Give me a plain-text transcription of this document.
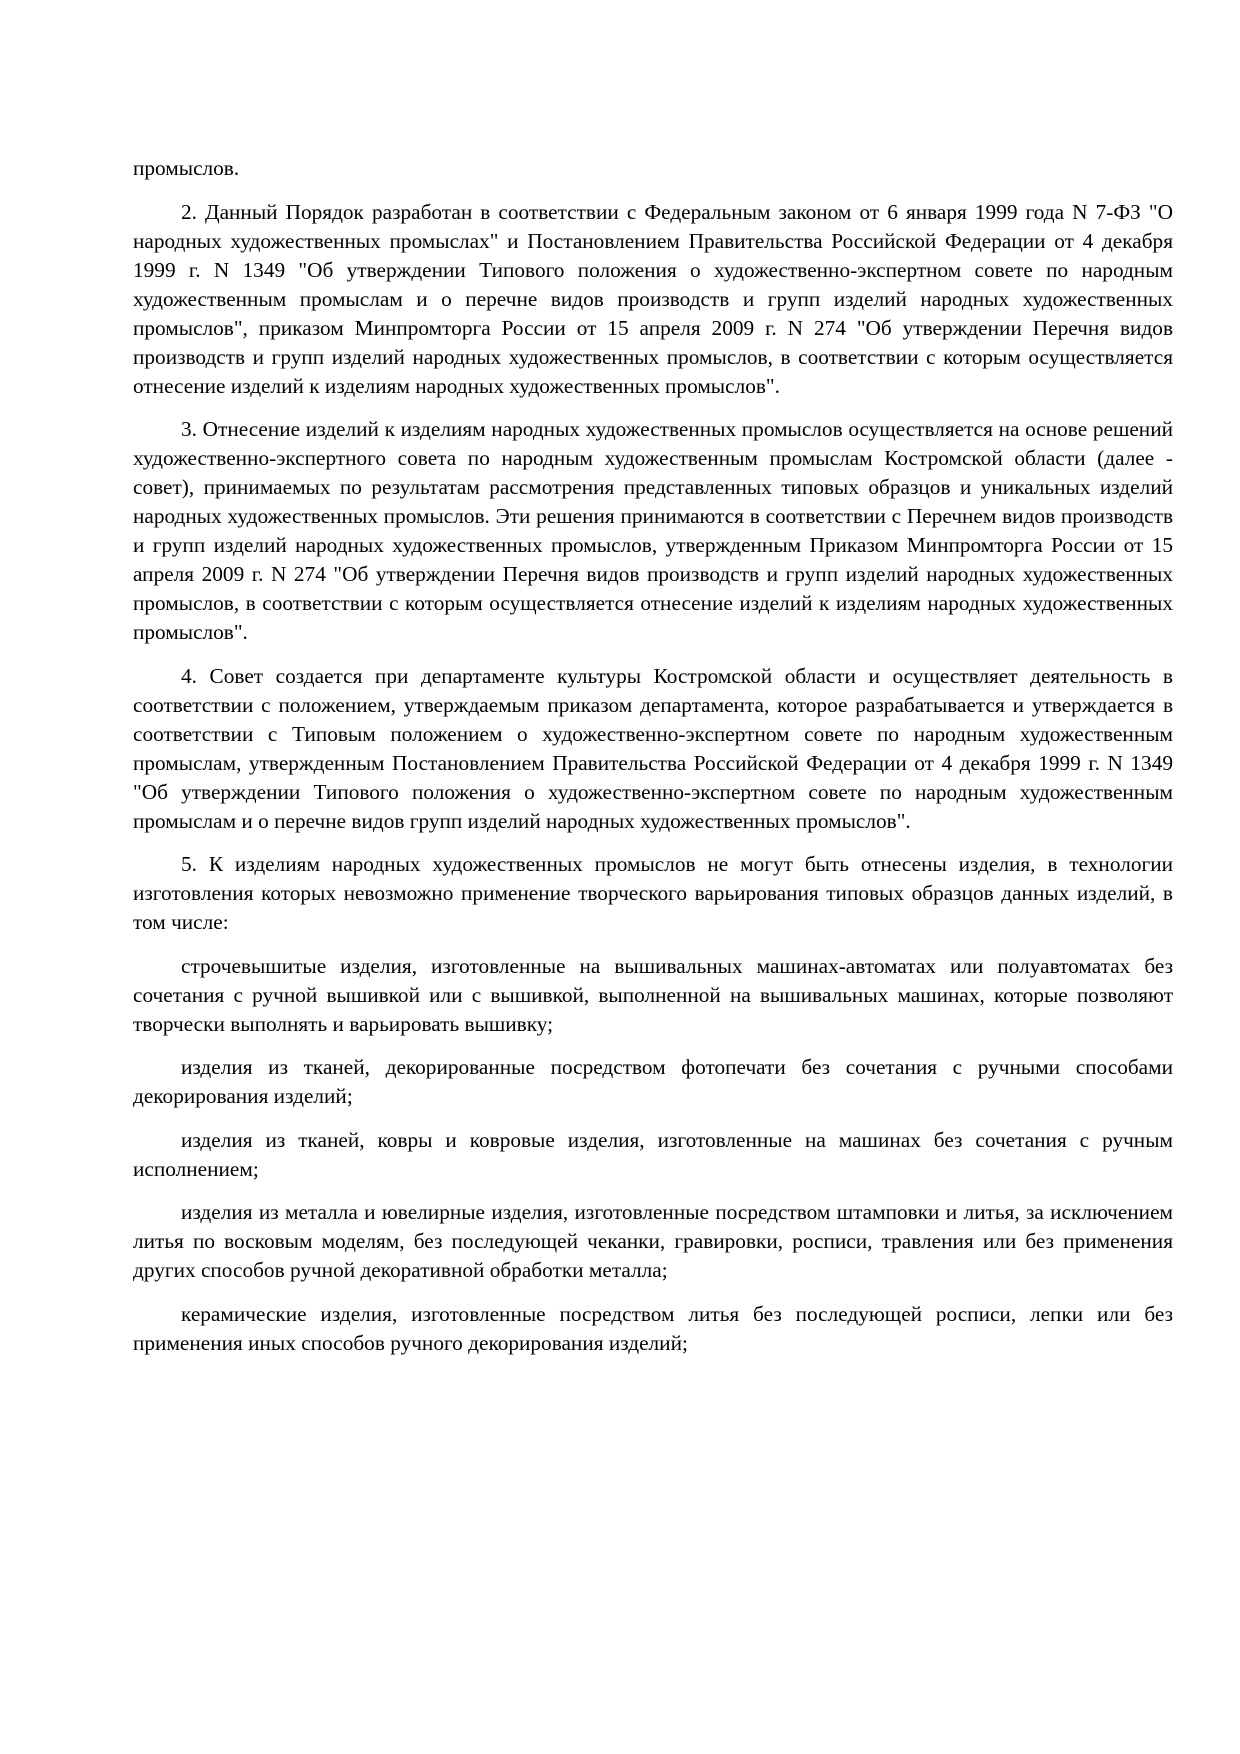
промыслов.

2. Данный Порядок разработан в соответствии с Федеральным законом от 6 января 1999 года N 7-ФЗ "О народных художественных промыслах" и Постановлением Правительства Российской Федерации от 4 декабря 1999 г. N 1349 "Об утверждении Типового положения о художественно-экспертном совете по народным художественным промыслам и о перечне видов производств и групп изделий народных художественных промыслов", приказом Минпромторга России от 15 апреля 2009 г. N 274 "Об утверждении Перечня видов производств и групп изделий народных художественных промыслов, в соответствии с которым осуществляется отнесение изделий к изделиям народных художественных промыслов".

3. Отнесение изделий к изделиям народных художественных промыслов осуществляется на основе решений художественно-экспертного совета по народным художественным промыслам Костромской области (далее - совет), принимаемых по результатам рассмотрения представленных типовых образцов и уникальных изделий народных художественных промыслов. Эти решения принимаются в соответствии с Перечнем видов производств и групп изделий народных художественных промыслов, утвержденным Приказом Минпромторга России от 15 апреля 2009 г. N 274 "Об утверждении Перечня видов производств и групп изделий народных художественных промыслов, в соответствии с которым осуществляется отнесение изделий к изделиям народных художественных промыслов".

4. Совет создается при департаменте культуры Костромской области и осуществляет деятельность в соответствии с положением, утверждаемым приказом департамента, которое разрабатывается и утверждается в соответствии с Типовым положением о художественно-экспертном совете по народным художественным промыслам, утвержденным Постановлением Правительства Российской Федерации от 4 декабря 1999 г. N 1349 "Об утверждении Типового положения о художественно-экспертном совете по народным художественным промыслам и о перечне видов групп изделий народных художественных промыслов".

5. К изделиям народных художественных промыслов не могут быть отнесены изделия, в технологии изготовления которых невозможно применение творческого варьирования типовых образцов данных изделий, в том числе:

строчевышитые изделия, изготовленные на вышивальных машинах-автоматах или полуавтоматах без сочетания с ручной вышивкой или с вышивкой, выполненной на вышивальных машинах, которые позволяют творчески выполнять и варьировать вышивку;

изделия из тканей, декорированные посредством фотопечати без сочетания с ручными способами декорирования изделий;

изделия из тканей, ковры и ковровые изделия, изготовленные на машинах без сочетания с ручным исполнением;

изделия из металла и ювелирные изделия, изготовленные посредством штамповки и литья, за исключением литья по восковым моделям, без последующей чеканки, гравировки, росписи, травления или без применения других способов ручной декоративной обработки металла;

керамические изделия, изготовленные посредством литья без последующей росписи, лепки или без применения иных способов ручного декорирования изделий;
